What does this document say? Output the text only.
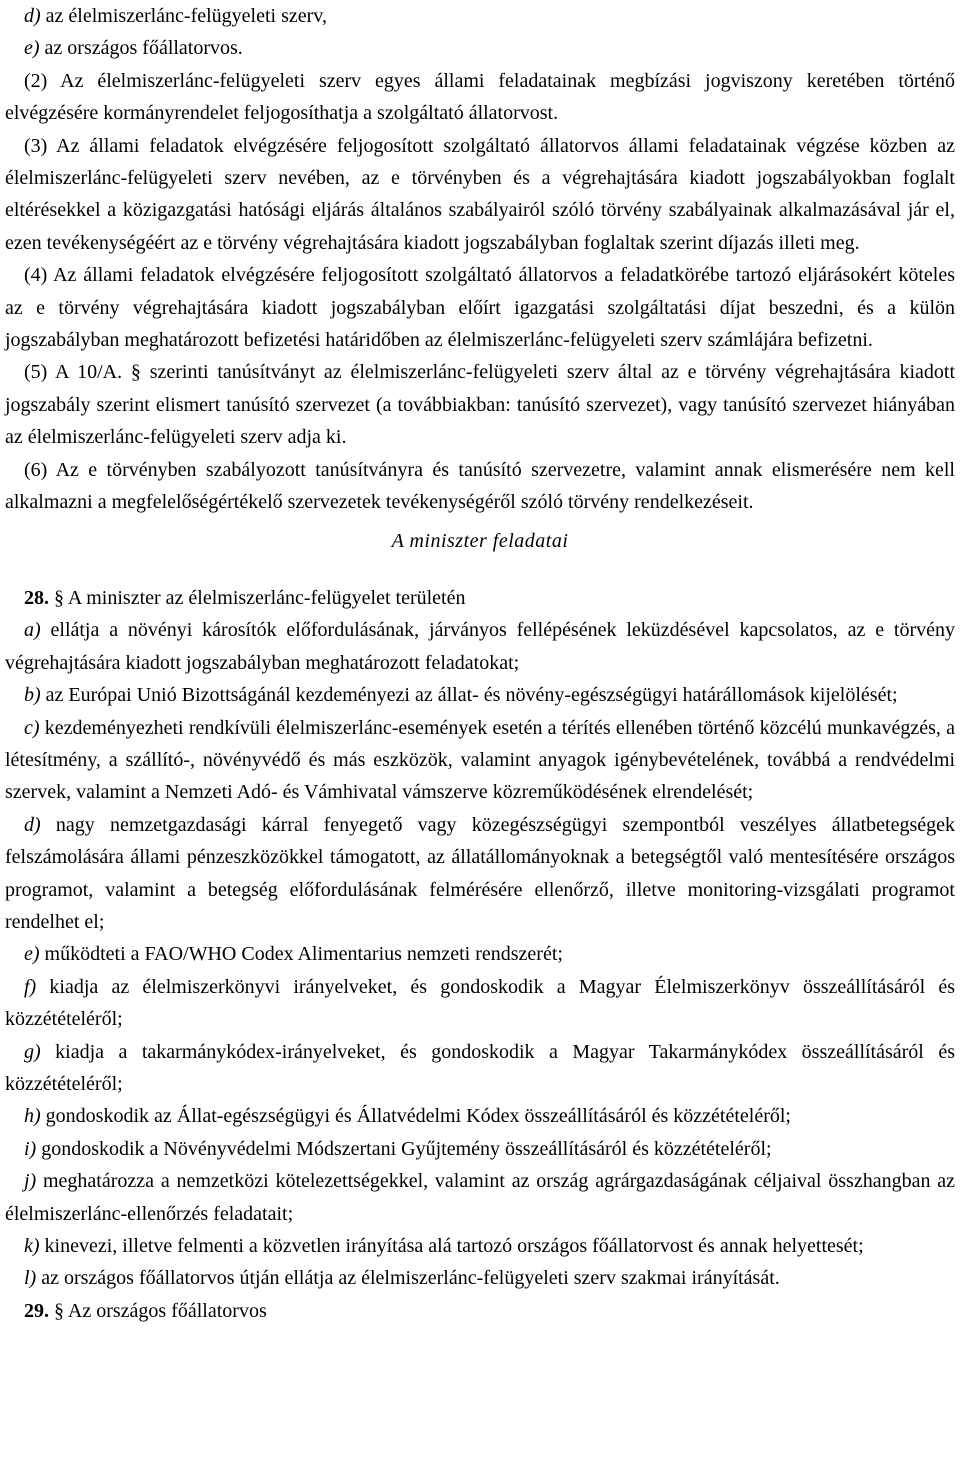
d) az élelmiszerlánc-felügyeleti szerv,

e) az országos főállatorvos.

(2) Az élelmiszerlánc-felügyeleti szerv egyes állami feladatainak megbízási jogviszony keretében történő elvégzésére kormányrendelet feljogosíthatja a szolgáltató állatorvost.

(3) Az állami feladatok elvégzésére feljogosított szolgáltató állatorvos állami feladatainak végzése közben az élelmiszerlánc-felügyeleti szerv nevében, az e törvényben és a végrehajtására kiadott jogszabályokban foglalt eltérésekkel a közigazgatási hatósági eljárás általános szabályairól szóló törvény szabályainak alkalmazásával jár el, ezen tevékenységéért az e törvény végrehajtására kiadott jogszabályban foglaltak szerint díjazás illeti meg.

(4) Az állami feladatok elvégzésére feljogosított szolgáltató állatorvos a feladatkörébe tartozó eljárásokért köteles az e törvény végrehajtására kiadott jogszabályban előírt igazgatási szolgáltatási díjat beszedni, és a külön jogszabályban meghatározott befizetési határidőben az élelmiszerlánc-felügyeleti szerv számlájára befizetni.

(5) A 10/A. § szerinti tanúsítványt az élelmiszerlánc-felügyeleti szerv által az e törvény végrehajtására kiadott jogszabály szerint elismert tanúsító szervezet (a továbbiakban: tanúsító szervezet), vagy tanúsító szervezet hiányában az élelmiszerlánc-felügyeleti szerv adja ki.

(6) Az e törvényben szabályozott tanúsítványra és tanúsító szervezetre, valamint annak elismerésére nem kell alkalmazni a megfelelőségértékelő szervezetek tevékenységéről szóló törvény rendelkezéseit.

A miniszter feladatai

28. § A miniszter az élelmiszerlánc-felügyelet területén

a) ellátja a növényi károsítók előfordulásának, járványos fellépésének leküzdésével kapcsolatos, az e törvény végrehajtására kiadott jogszabályban meghatározott feladatokat;

b) az Európai Unió Bizottságánál kezdeményezi az állat- és növény-egészségügyi határállomások kijelölését;

c) kezdeményezheti rendkívüli élelmiszerlánc-események esetén a térítés ellenében történő közcélú munkavégzés, a létesítmény, a szállító-, növényvédő és más eszközök, valamint anyagok igénybevételének, továbbá a rendvédelmi szervek, valamint a Nemzeti Adó- és Vámhivatal vámszerve közreműködésének elrendelését;

d) nagy nemzetgazdasági kárral fenyegető vagy közegészségügyi szempontból veszélyes állatbetegségek felszámolására állami pénzeszközökkel támogatott, az állatállományoknak a betegségtől való mentesítésére országos programot, valamint a betegség előfordulásának felmérésére ellenőrző, illetve monitoring-vizsgálati programot rendelhet el;

e) működteti a FAO/WHO Codex Alimentarius nemzeti rendszerét;

f) kiadja az élelmiszerkönyvi irányelveket, és gondoskodik a Magyar Élelmiszerkönyv összeállításáról és közzétételéről;

g) kiadja a takarmánykódex-irányelveket, és gondoskodik a Magyar Takarmánykódex összeállításáról és közzétételéről;

h) gondoskodik az Állat-egészségügyi és Állatvédelmi Kódex összeállításáról és közzétételéről;

i) gondoskodik a Növényvédelmi Módszertani Gyűjtemény összeállításáról és közzétételéről;

j) meghatározza a nemzetközi kötelezettségekkel, valamint az ország agrárgazdaságának céljaival összhangban az élelmiszerlánc-ellenőrzés feladatait;

k) kinevezi, illetve felmenti a közvetlen irányítása alá tartozó országos főállatorvost és annak helyettesét;

l) az országos főállatorvos útján ellátja az élelmiszerlánc-felügyeleti szerv szakmai irányítását.

29. § Az országos főállatorvos
